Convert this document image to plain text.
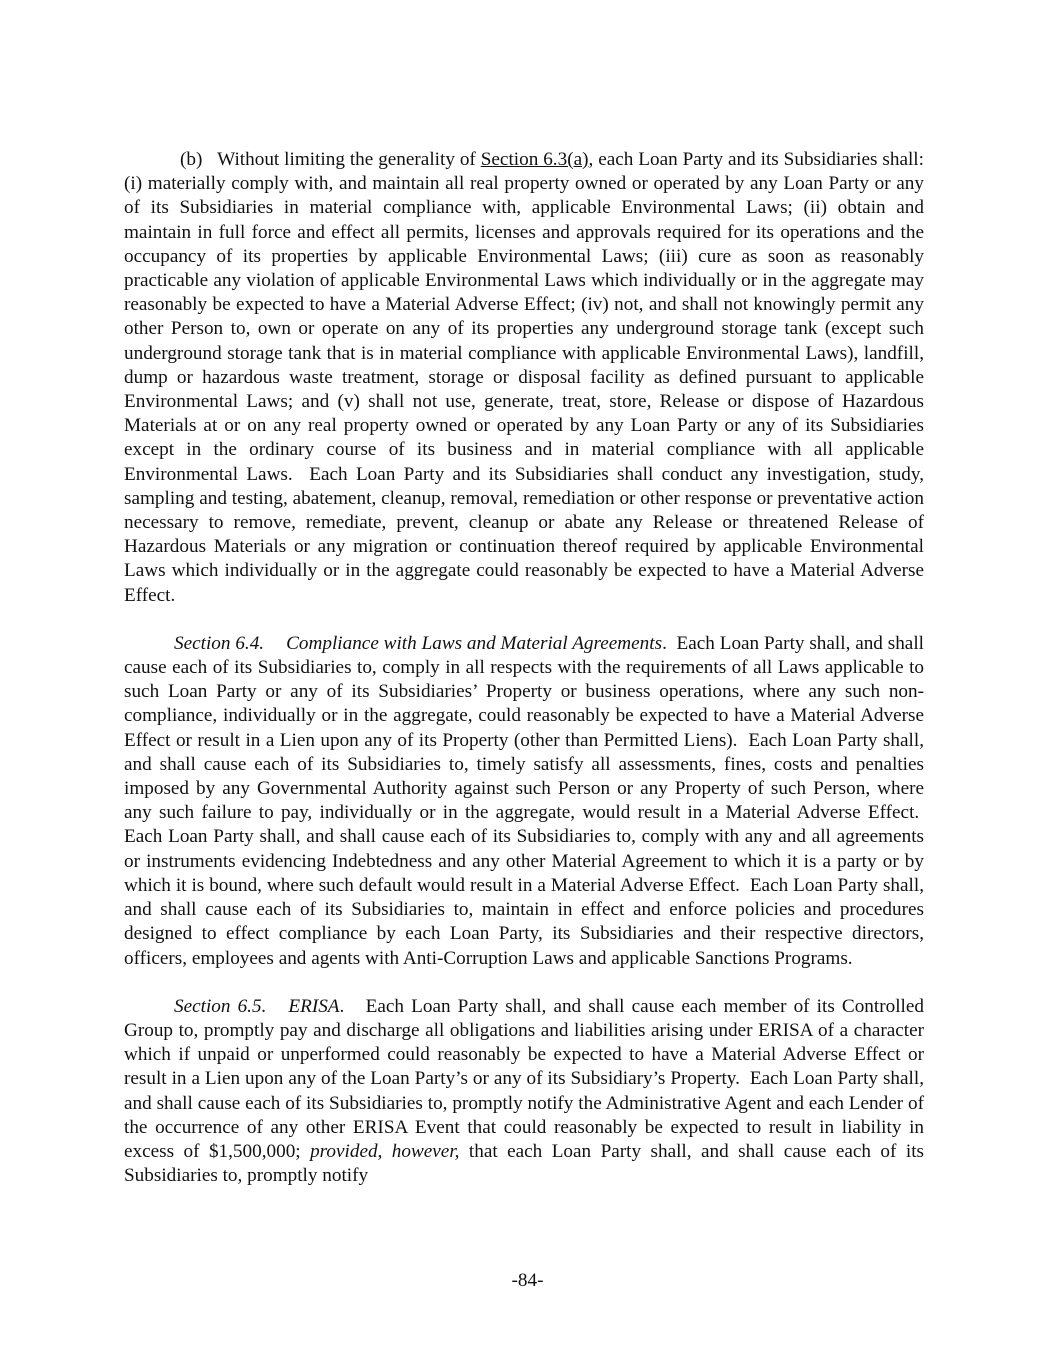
(b)   Without limiting the generality of Section 6.3(a), each Loan Party and its Subsidiaries shall: (i) materially comply with, and maintain all real property owned or operated by any Loan Party or any of its Subsidiaries in material compliance with, applicable Environmental Laws; (ii) obtain and maintain in full force and effect all permits, licenses and approvals required for its operations and the occupancy of its properties by applicable Environmental Laws; (iii) cure as soon as reasonably practicable any violation of applicable Environmental Laws which individually or in the aggregate may reasonably be expected to have a Material Adverse Effect; (iv) not, and shall not knowingly permit any other Person to, own or operate on any of its properties any underground storage tank (except such underground storage tank that is in material compliance with applicable Environmental Laws), landfill, dump or hazardous waste treatment, storage or disposal facility as defined pursuant to applicable Environmental Laws; and (v) shall not use, generate, treat, store, Release or dispose of Hazardous Materials at or on any real property owned or operated by any Loan Party or any of its Subsidiaries except in the ordinary course of its business and in material compliance with all applicable Environmental Laws.  Each Loan Party and its Subsidiaries shall conduct any investigation, study, sampling and testing, abatement, cleanup, removal, remediation or other response or preventative action necessary to remove, remediate, prevent, cleanup or abate any Release or threatened Release of Hazardous Materials or any migration or continuation thereof required by applicable Environmental Laws which individually or in the aggregate could reasonably be expected to have a Material Adverse Effect.

Section 6.4. Compliance with Laws and Material Agreements.  Each Loan Party shall, and shall cause each of its Subsidiaries to, comply in all respects with the requirements of all Laws applicable to such Loan Party or any of its Subsidiaries’ Property or business operations, where any such non-compliance, individually or in the aggregate, could reasonably be expected to have a Material Adverse Effect or result in a Lien upon any of its Property (other than Permitted Liens).  Each Loan Party shall, and shall cause each of its Subsidiaries to, timely satisfy all assessments, fines, costs and penalties imposed by any Governmental Authority against such Person or any Property of such Person, where any such failure to pay, individually or in the aggregate, would result in a Material Adverse Effect.  Each Loan Party shall, and shall cause each of its Subsidiaries to, comply with any and all agreements or instruments evidencing Indebtedness and any other Material Agreement to which it is a party or by which it is bound, where such default would result in a Material Adverse Effect.  Each Loan Party shall, and shall cause each of its Subsidiaries to, maintain in effect and enforce policies and procedures designed to effect compliance by each Loan Party, its Subsidiaries and their respective directors, officers, employees and agents with Anti-Corruption Laws and applicable Sanctions Programs.

Section 6.5. ERISA.   Each Loan Party shall, and shall cause each member of its Controlled Group to, promptly pay and discharge all obligations and liabilities arising under ERISA of a character which if unpaid or unperformed could reasonably be expected to have a Material Adverse Effect or result in a Lien upon any of the Loan Party’s or any of its Subsidiary’s Property.  Each Loan Party shall, and shall cause each of its Subsidiaries to, promptly notify the Administrative Agent and each Lender of the occurrence of any other ERISA Event that could reasonably be expected to result in liability in excess of $1,500,000; provided, however, that each Loan Party shall, and shall cause each of its Subsidiaries to, promptly notify

-84-
